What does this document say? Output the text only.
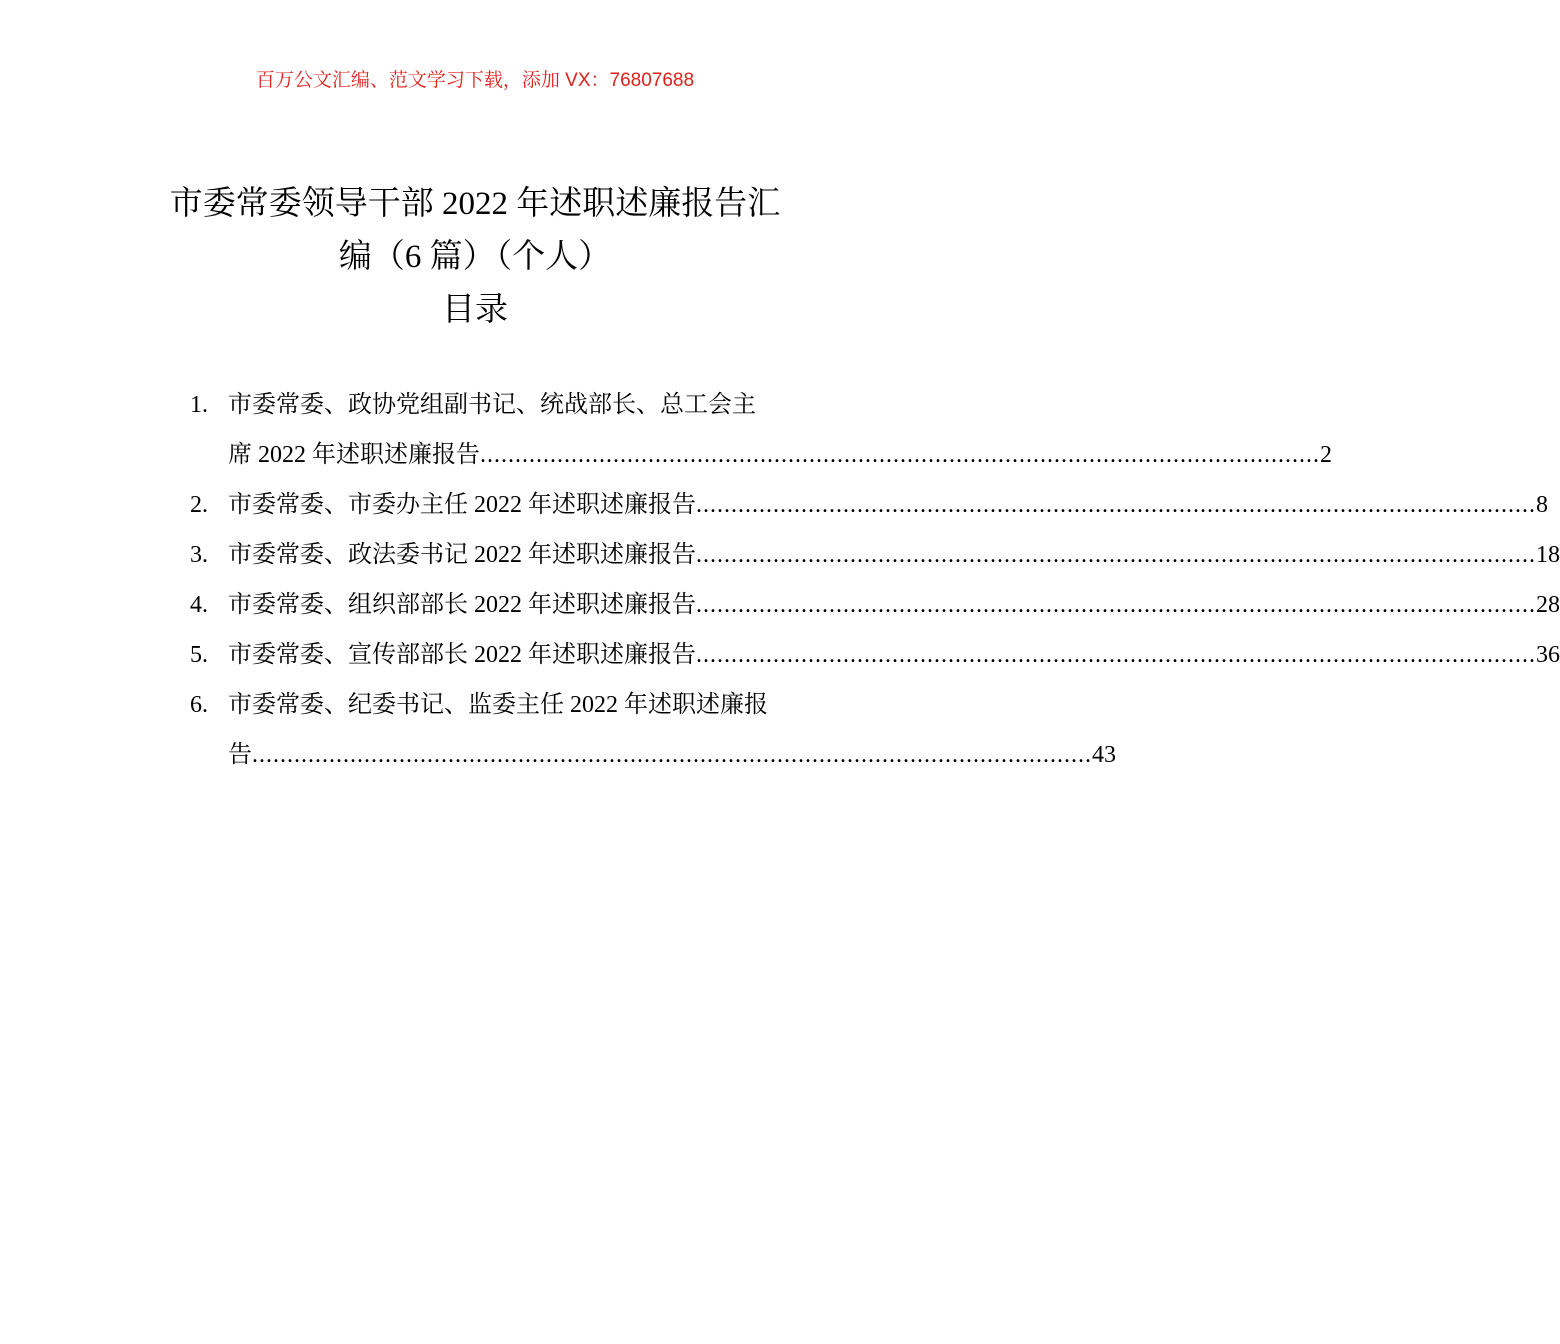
百万公文汇编、范文学习下载，添加 VX：76807688
市委常委领导干部 2022 年述职述廉报告汇
编（6 篇）（个人）
目录
1. 市委常委、政协党组副书记、统战部长、总工会主
席 2022 年述职述廉报告 ........................................................................................................................ 2
2. 市委常委、市委办主任 2022 年述职述廉报告 ........................................................................................................................ 8
3. 市委常委、政法委书记 2022 年述职述廉报告 ........................................................................................................................ 18
4. 市委常委、组织部部长 2022 年述职述廉报告 ........................................................................................................................ 28
5. 市委常委、宣传部部长 2022 年述职述廉报告 ........................................................................................................................ 36
6. 市委常委、纪委书记、监委主任 2022 年述职述廉报
告 ........................................................................................................................ 43
